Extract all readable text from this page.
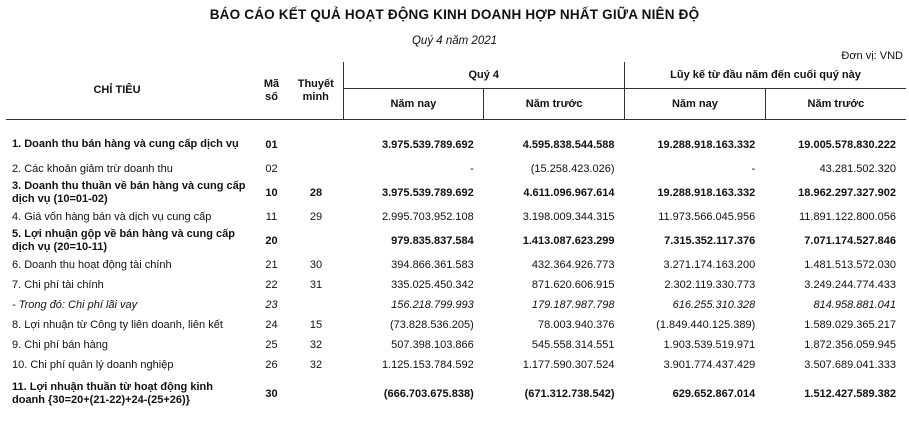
BÁO CÁO KẾT QUẢ HOẠT ĐỘNG KINH DOANH HỢP NHẤT GIỮA NIÊN ĐỘ
Quý 4 năm 2021
Đơn vị: VND
CHỈ TIÊU	Mã số	Thuyết minh	Quý 4		Lũy kế từ đầu năm đến cuối quý này	
			Năm nay	Năm trước	Năm nay	Năm trước
1. Doanh thu bán hàng và cung cấp dịch vụ	01		3.975.539.789.692	4.595.838.544.588	19.288.918.163.332	19.005.578.830.222
2. Các khoản giảm trừ doanh thu	02		-	(15.258.423.026)	-	43.281.502.320
3. Doanh thu thuần về bán hàng và cung cấp dịch vụ (10=01-02)	10	28	3.975.539.789.692	4.611.096.967.614	19.288.918.163.332	18.962.297.327.902
4. Giá vốn hàng bán và dịch vụ cung cấp	11	29	2.995.703.952.108	3.198.009.344.315	11.973.566.045.956	11.891.122.800.056
5. Lợi nhuận gộp về bán hàng và cung cấp dịch vụ (20=10-11)	20		979.835.837.584	1.413.087.623.299	7.315.352.117.376	7.071.174.527.846
6. Doanh thu hoạt động tài chính	21	30	394.866.361.583	432.364.926.773	3.271.174.163.200	1.481.513.572.030
7. Chi phí tài chính	22	31	335.025.450.342	871.620.606.915	2.302.119.330.773	3.249.244.774.433
- Trong đó: Chi phí lãi vay	23		156.218.799.993	179.187.987.798	616.255.310.328	814.958.881.041
8. Lợi nhuận từ Công ty liên doanh, liên kết	24	15	(73.828.536.205)	78.003.940.376	(1.849.440.125.389)	1.589.029.365.217
9. Chi phí bán hàng	25	32	507.398.103.866	545.558.314.551	1.903.539.519.971	1.872.356.059.945
10. Chi phí quản lý doanh nghiệp	26	32	1.125.153.784.592	1.177.590.307.524	3.901.774.437.429	3.507.689.041.333

11. Lợi nhuận thuần từ hoạt động kinh doanh {30=20+(21-22)+24-(25+26)}	30		(666.703.675.838)	(671.312.738.542)	629.652.867.014	1.512.427.589.382
